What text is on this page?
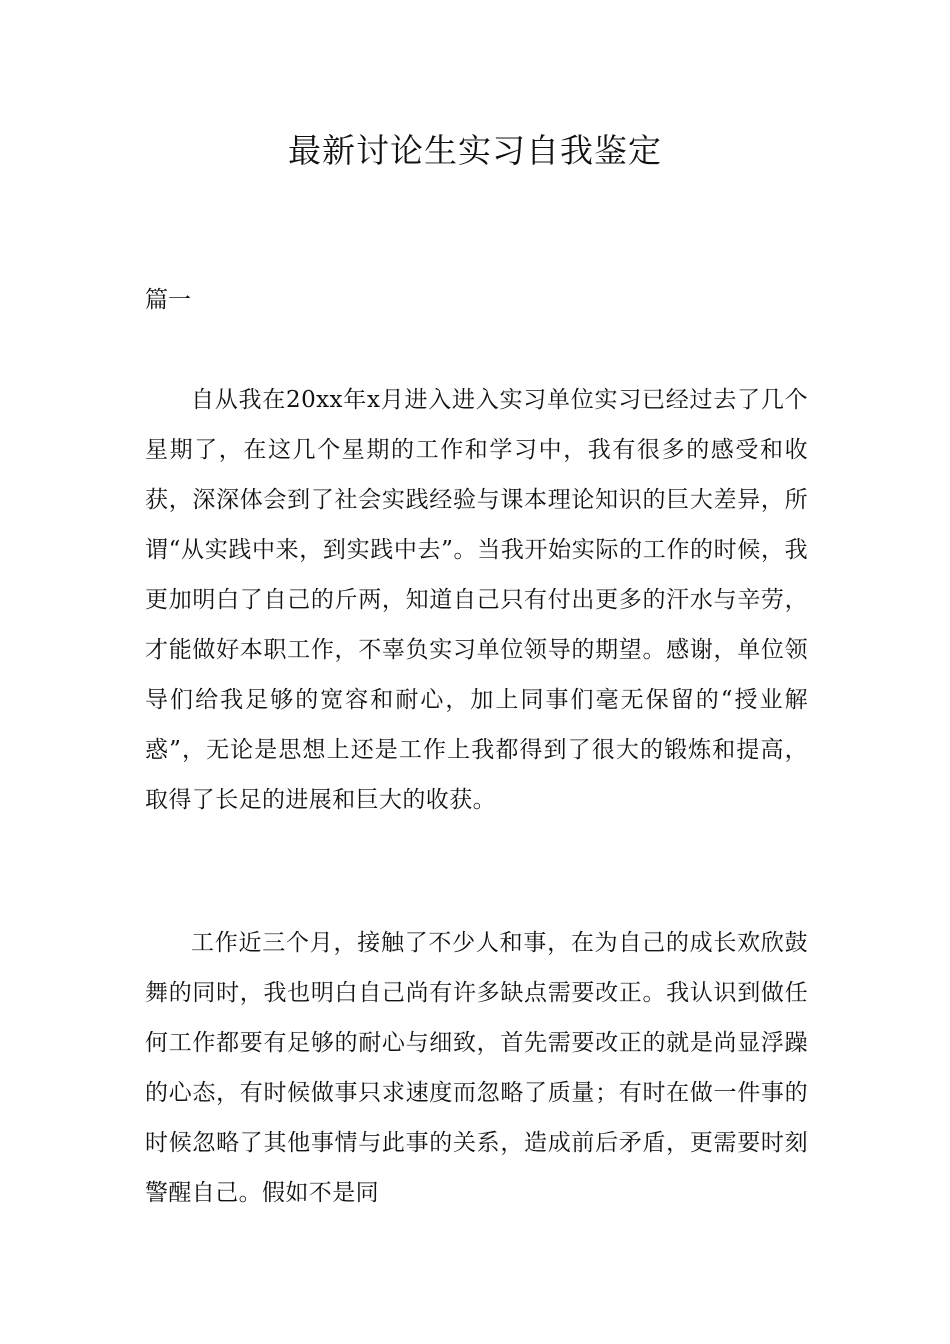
最新讨论生实习自我鉴定

篇一

自从我在20xx年x月进入进入实习单位实习已经过去了几个星期了，在这几个星期的工作和学习中，我有很多的感受和收获，深深体会到了社会实践经验与课本理论知识的巨大差异，所谓“从实践中来，到实践中去”。当我开始实际的工作的时候，我更加明白了自己的斤两，知道自己只有付出更多的汗水与辛劳，才能做好本职工作，不辜负实习单位领导的期望。感谢，单位领导们给我足够的宽容和耐心，加上同事们毫无保留的“授业解惑”，无论是思想上还是工作上我都得到了很大的锻炼和提高，取得了长足的进展和巨大的收获。

工作近三个月，接触了不少人和事，在为自己的成长欢欣鼓舞的同时，我也明白自己尚有许多缺点需要改正。我认识到做任何工作都要有足够的耐心与细致，首先需要改正的就是尚显浮躁的心态，有时候做事只求速度而忽略了质量；有时在做一件事的时候忽略了其他事情与此事的关系，造成前后矛盾，更需要时刻警醒自己。假如不是同
